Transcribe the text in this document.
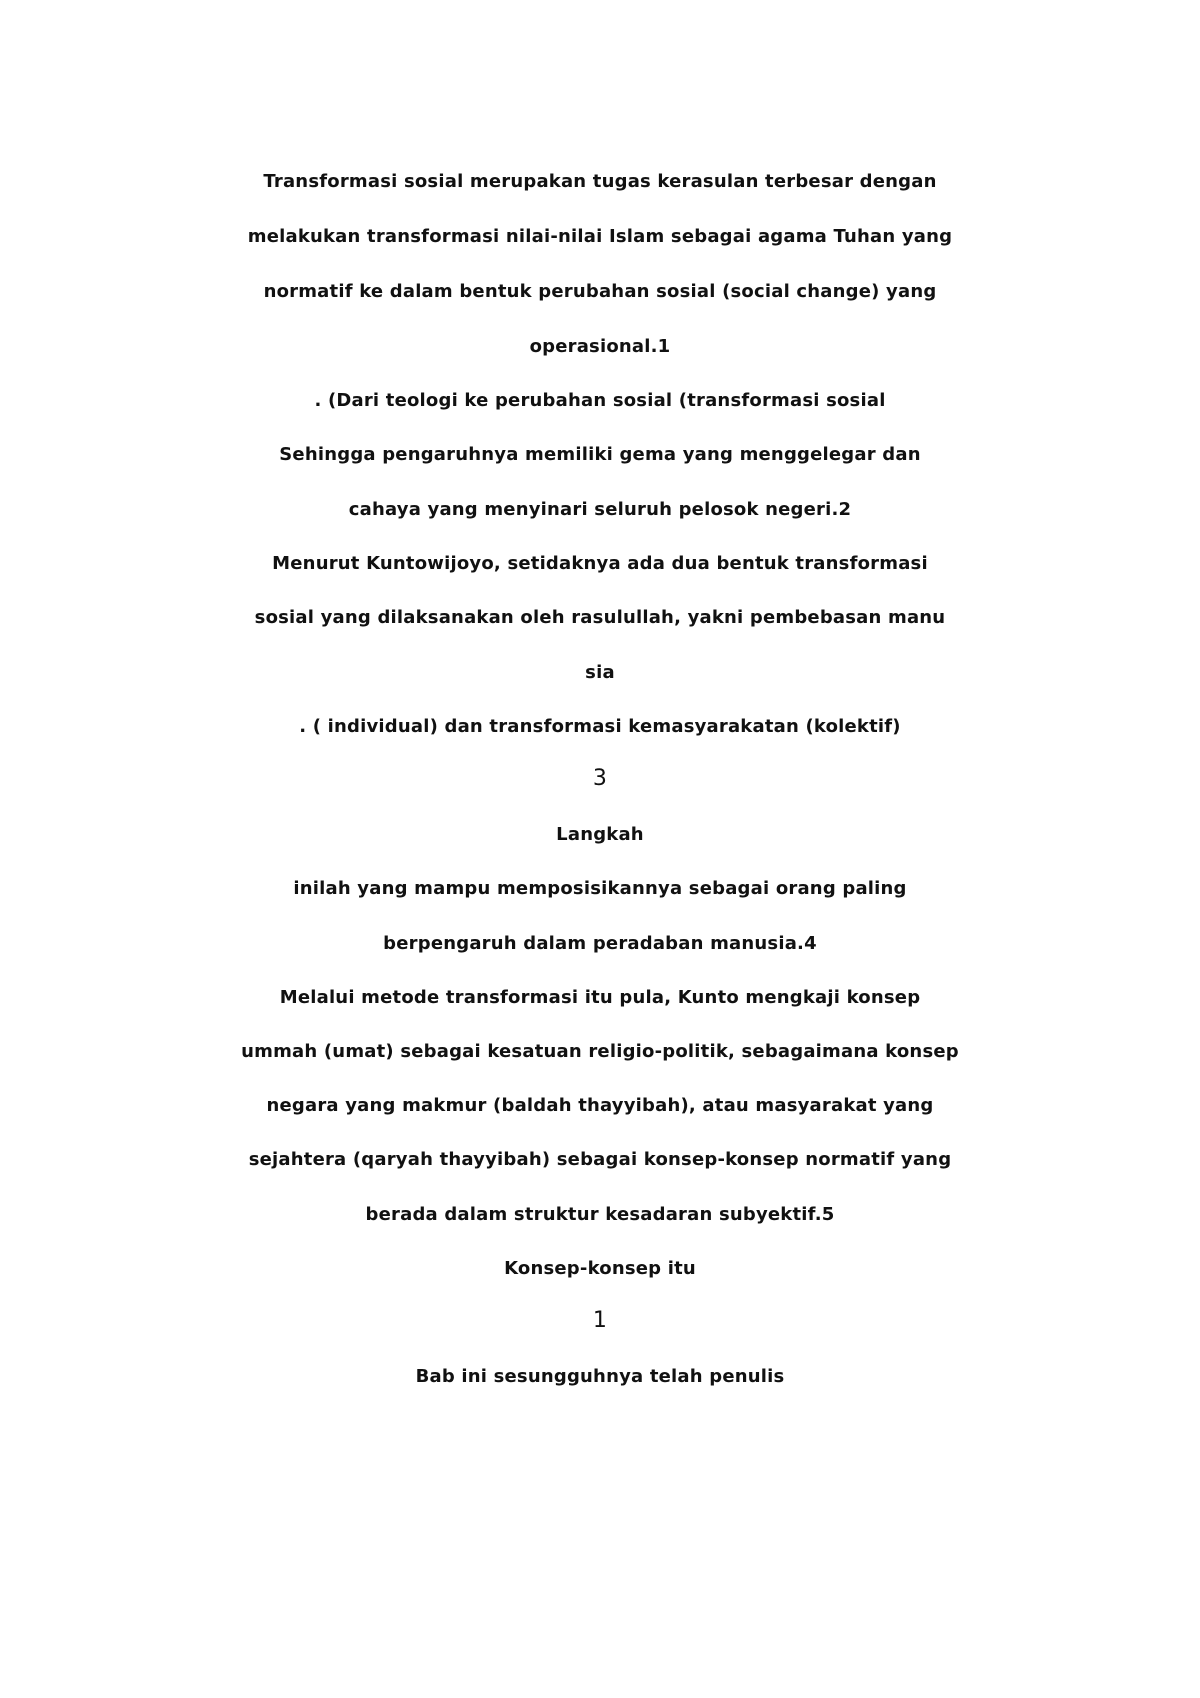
Transformasi sosial merupakan tugas kerasulan terbesar dengan
melakukan transformasi nilai-nilai Islam sebagai agama Tuhan yang
normatif ke dalam bentuk perubahan sosial (social change) yang
operasional.1
. (Dari teologi ke perubahan sosial (transformasi sosial
Sehingga pengaruhnya memiliki gema yang menggelegar dan
cahaya yang menyinari seluruh pelosok negeri.2
Menurut Kuntowijoyo, setidaknya ada dua bentuk transformasi
sosial yang dilaksanakan oleh rasulullah, yakni pembebasan manu
sia
. ( individual) dan transformasi kemasyarakatan (kolektif)
3
Langkah
inilah yang mampu memposisikannya sebagai orang paling
berpengaruh dalam peradaban manusia.4
Melalui metode transformasi itu pula, Kunto mengkaji konsep
ummah (umat) sebagai kesatuan religio-politik, sebagaimana konsep
negara yang makmur (baldah thayyibah), atau masyarakat yang
sejahtera (qaryah thayyibah) sebagai konsep-konsep normatif yang
berada dalam struktur kesadaran subyektif.5
Konsep-konsep itu
1
Bab ini sesungguhnya telah penulis
